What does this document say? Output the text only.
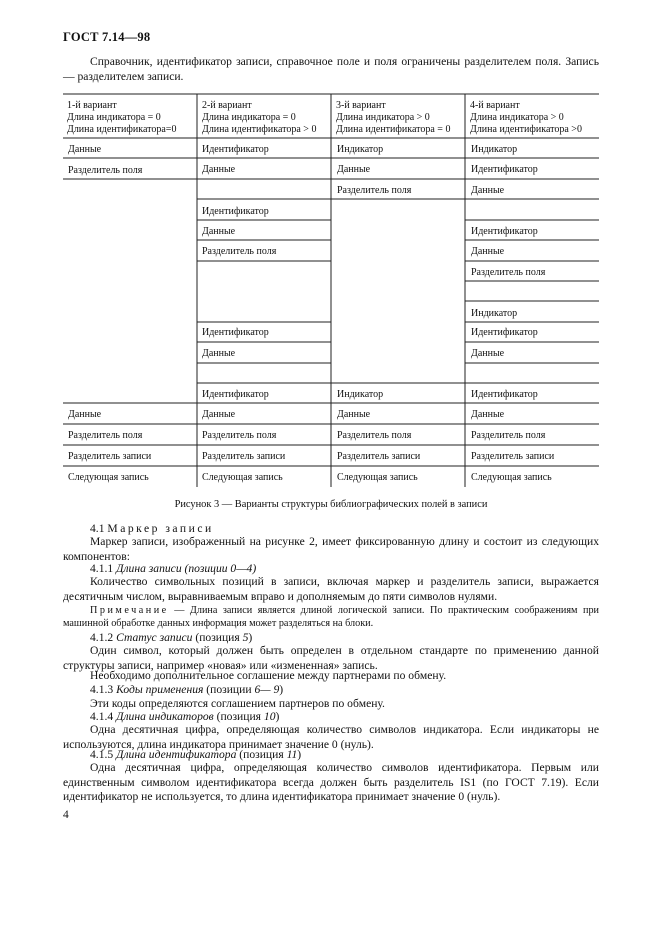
ГОСТ 7.14—98

Справочник, идентификатор записи, справочное поле и поля ограничены разделителем поля. Запись — разделителем записи.

1-й вариант
Длина индикатора = 0
Длина идентификатора=0
2-й вариант
Длина индикатора = 0
Длина идентификатора > 0
3-й вариант
Длина индикатора > 0
Длина идентификатора = 0
4-й вариант
Длина индикатора > 0
Длина идентификатора >0
Данные
Разделитель поля
Данные
Разделитель поля
Разделитель записи
Следующая запись
Идентификатор
Данные
Идентификатор
Данные
Разделитель поля
Идентификатор
Данные
Идентификатор
Данные
Разделитель поля
Разделитель записи
Следующая запись
Индикатор
Данные
Разделитель поля
Индикатор
Данные
Разделитель поля
Разделитель записи
Следующая запись
Индикатор
Идентификатор
Данные
Идентификатор
Данные
Разделитель поля
Индикатор
Идентификатор
Данные
Идентификатор
Данные
Разделитель поля
Разделитель записи
Следующая запись
Рисунок 3 — Варианты структуры библиографических полей в записи

4.1 Маркер записи

Маркер записи, изображенный на рисунке 2, имеет фиксированную длину и состоит из следующих компонентов:

4.1.1 Длина записи (позиции 0—4)

Количество символьных позиций в записи, включая маркер и разделитель записи, выражается десятичным числом, выравниваемым вправо и дополняемым до пяти символов нулями.

Примечание — Длина записи является длиной логической записи. По практическим соображениям при машинной обработке данных информация может разделяться на блоки.

4.1.2 Статус записи (позиция 5)

Один символ, который должен быть определен в отдельном стандарте по применению данной структуры записи, например «новая» или «измененная» запись.

Необходимо дополнительное соглашение между партнерами по обмену.

4.1.3 Коды применения (позиции 6— 9)

Эти коды определяются соглашением партнеров по обмену.

4.1.4 Длина индикаторов (позиция 10)

Одна десятичная цифра, определяющая количество символов индикатора. Если индикаторы не используются, длина индикатора принимает значение 0 (нуль).

4.1.5 Длина идентификатора (позиция 11)

Одна десятичная цифра, определяющая количество символов идентификатора. Первым или единственным символом идентификатора всегда должен быть разделитель IS1 (по ГОСТ 7.19). Если идентификатор не используется, то длина идентификатора принимает значение 0 (нуль).

4
